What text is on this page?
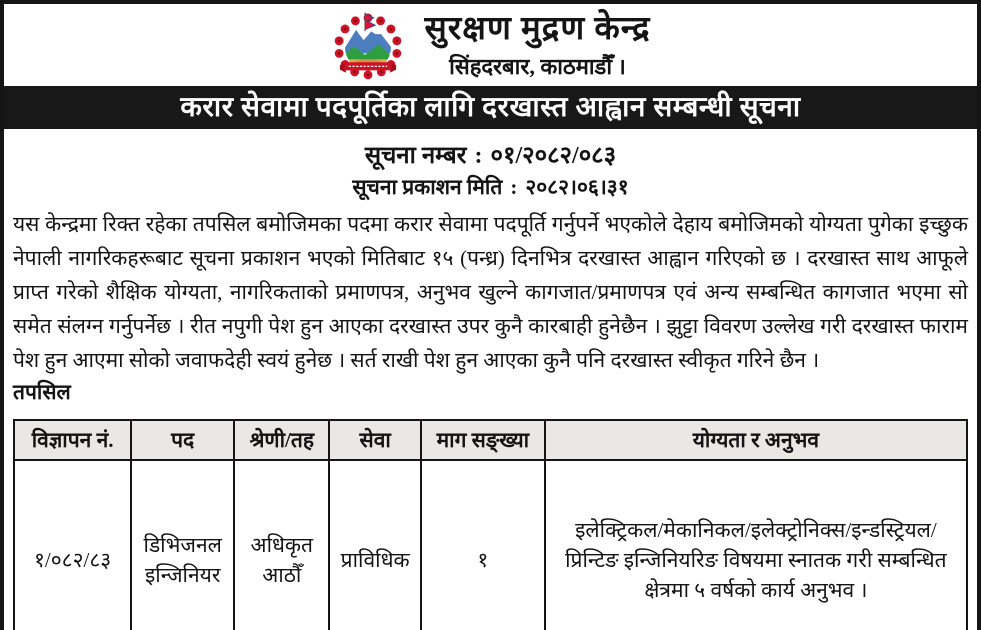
सुरक्षण मुद्रण केन्द्र
सिंहदरबार, काठमाडौँ ।
करार सेवामा पदपूर्तिका लागि दरखास्त आह्वान सम्बन्धी सूचना
सूचना नम्बर : ०१/२०८२/०८३
सूचना प्रकाशन मिति : २०८२।०६।३१
यस केन्द्रमा रिक्त रहेका तपसिल बमोजिमका पदमा करार सेवामा पदपूर्ति गर्नुपर्ने भएकोले देहाय बमोजिमको योग्यता पुगेका इच्छुक नेपाली नागरिकहरूबाट सूचना प्रकाशन भएको मितिबाट १५ (पन्ध्र) दिनभित्र दरखास्त आह्वान गरिएको छ । दरखास्त साथ आफूले प्राप्त गरेको शैक्षिक योग्यता, नागरिकताको प्रमाणपत्र, अनुभव खुल्ने कागजात/प्रमाणपत्र एवं अन्य सम्बन्धित कागजात भएमा सो समेत संलग्न गर्नुपर्नेछ । रीत नपुगी पेश हुन आएका दरखास्त उपर कुनै कारबाही हुनेछैन । झुट्टा विवरण उल्लेख गरी दरखास्त फाराम पेश हुन आएमा सोको जवाफदेही स्वयं हुनेछ । सर्त राखी पेश हुन आएका कुनै पनि दरखास्त स्वीकृत गरिने छैन ।
तपसिल
विज्ञापन नं.	पद	श्रेणी/तह	सेवा	माग सङ्ख्या	योग्यता र अनुभव
१/०८२/८३	डिभिजनल इन्जिनियर	अधिकृत आठौँ	प्राविधिक	१	इलेक्ट्रिकल/मेकानिकल/इलेक्ट्रोनिक्स/इन्डस्ट्रियल/प्रिन्टिङ इन्जिनियरिङ विषयमा स्नातक गरी सम्बन्धित क्षेत्रमा ५ वर्षको कार्य अनुभव ।
